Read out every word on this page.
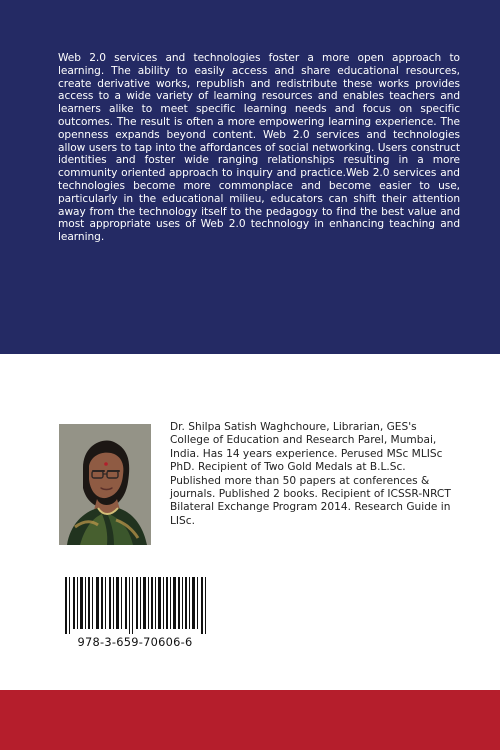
Web 2.0 services and technologies foster a more open approach to learning. The ability to easily access and share educational resources, create derivative works, republish and redistribute these works provides access to a wide variety of learning resources and enables teachers and learners alike to meet specific learning needs and focus on specific outcomes. The result is often a more empowering learning experience. The openness expands beyond content. Web 2.0 services and technologies allow users to tap into the affordances of social networking. Users construct identities and foster wide ranging relationships resulting in a more community oriented approach to inquiry and practice.Web 2.0 services and technologies become more commonplace and become easier to use, particularly in the educational milieu, educators can shift their attention away from the technology itself to the pedagogy to find the best value and most appropriate uses of Web 2.0 technology in enhancing teaching and learning.

Dr. Shilpa Satish Waghchoure, Librarian, GES's College of Education and Research Parel, Mumbai, India. Has 14 years experience. Perused MSc MLISc PhD. Recipient of Two Gold Medals at B.L.Sc. Published more than 50 papers at conferences & journals. Published 2 books. Recipient of ICSSR-NRCT Bilateral Exchange Program 2014. Research Guide in LISc.

978-3-659-70606-6
